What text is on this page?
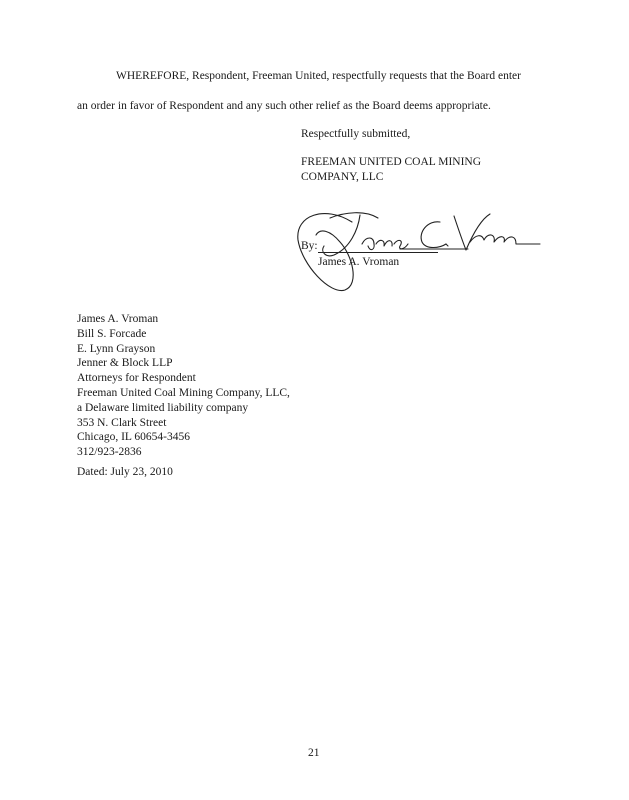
WHEREFORE, Respondent, Freeman United, respectfully requests that the Board enter
an order in favor of Respondent and any such other relief as the Board deems appropriate.
Respectfully submitted,
FREEMAN UNITED COAL MINING
COMPANY, LLC
By:
James A. Vroman
James A. Vroman
Bill S. Forcade
E. Lynn Grayson
Jenner & Block LLP
Attorneys for Respondent
Freeman United Coal Mining Company, LLC,
a Delaware limited liability company
353 N. Clark Street
Chicago, IL 60654-3456
312/923-2836
Dated: July 23, 2010
21
